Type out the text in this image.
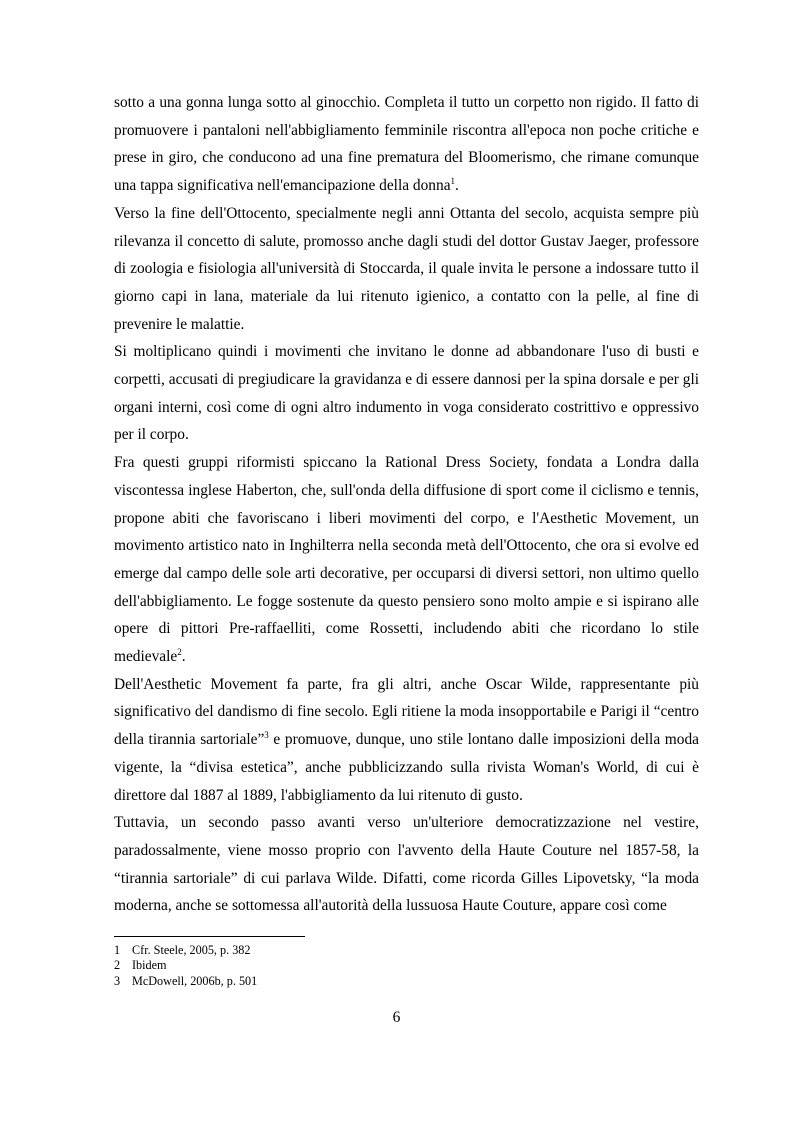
sotto a una gonna lunga sotto al ginocchio. Completa il tutto un corpetto non rigido. Il fatto di promuovere i pantaloni nell'abbigliamento femminile riscontra all'epoca non poche critiche e prese in giro, che conducono ad una fine prematura del Bloomerismo, che rimane comunque una tappa significativa nell'emancipazione della donna$^1$.

Verso la fine dell'Ottocento, specialmente negli anni Ottanta del secolo, acquista sempre più rilevanza il concetto di salute, promosso anche dagli studi del dottor Gustav Jaeger, professore di zoologia e fisiologia all'università di Stoccarda, il quale invita le persone a indossare tutto il giorno capi in lana, materiale da lui ritenuto igienico, a contatto con la pelle, al fine di prevenire le malattie.

Si moltiplicano quindi i movimenti che invitano le donne ad abbandonare l'uso di busti e corpetti, accusati di pregiudicare la gravidanza e di essere dannosi per la spina dorsale e per gli organi interni, così come di ogni altro indumento in voga considerato costrittivo e oppressivo per il corpo.

Fra questi gruppi riformisti spiccano la Rational Dress Society, fondata a Londra dalla viscontessa inglese Haberton, che, sull'onda della diffusione di sport come il ciclismo e tennis, propone abiti che favoriscano i liberi movimenti del corpo, e l'Aesthetic Movement, un movimento artistico nato in Inghilterra nella seconda metà dell'Ottocento, che ora si evolve ed emerge dal campo delle sole arti decorative, per occuparsi di diversi settori, non ultimo quello dell'abbigliamento. Le fogge sostenute da questo pensiero sono molto ampie e si ispirano alle opere di pittori Pre-raffaelliti, come Rossetti, includendo abiti che ricordano lo stile medievale$^2$.

Dell'Aesthetic Movement fa parte, fra gli altri, anche Oscar Wilde, rappresentante più significativo del dandismo di fine secolo. Egli ritiene la moda insopportabile e Parigi il “centro della tirannia sartoriale”$^3$ e promuove, dunque, uno stile lontano dalle imposizioni della moda vigente, la “divisa estetica”, anche pubblicizzando sulla rivista Woman's World, di cui è direttore dal 1887 al 1889, l'abbigliamento da lui ritenuto di gusto.

Tuttavia, un secondo passo avanti verso un'ulteriore democratizzazione nel vestire, paradossalmente, viene mosso proprio con l'avvento della Haute Couture nel 1857-58, la “tirannia sartoriale” di cui parlava Wilde. Difatti, come ricorda Gilles Lipovetsky, “la moda moderna, anche se sottomessa all'autorità della lussuosa Haute Couture, appare così come

1 Cfr. Steele, 2005, p. 382
2 Ibidem
3 McDowell, 2006b, p. 501
6
